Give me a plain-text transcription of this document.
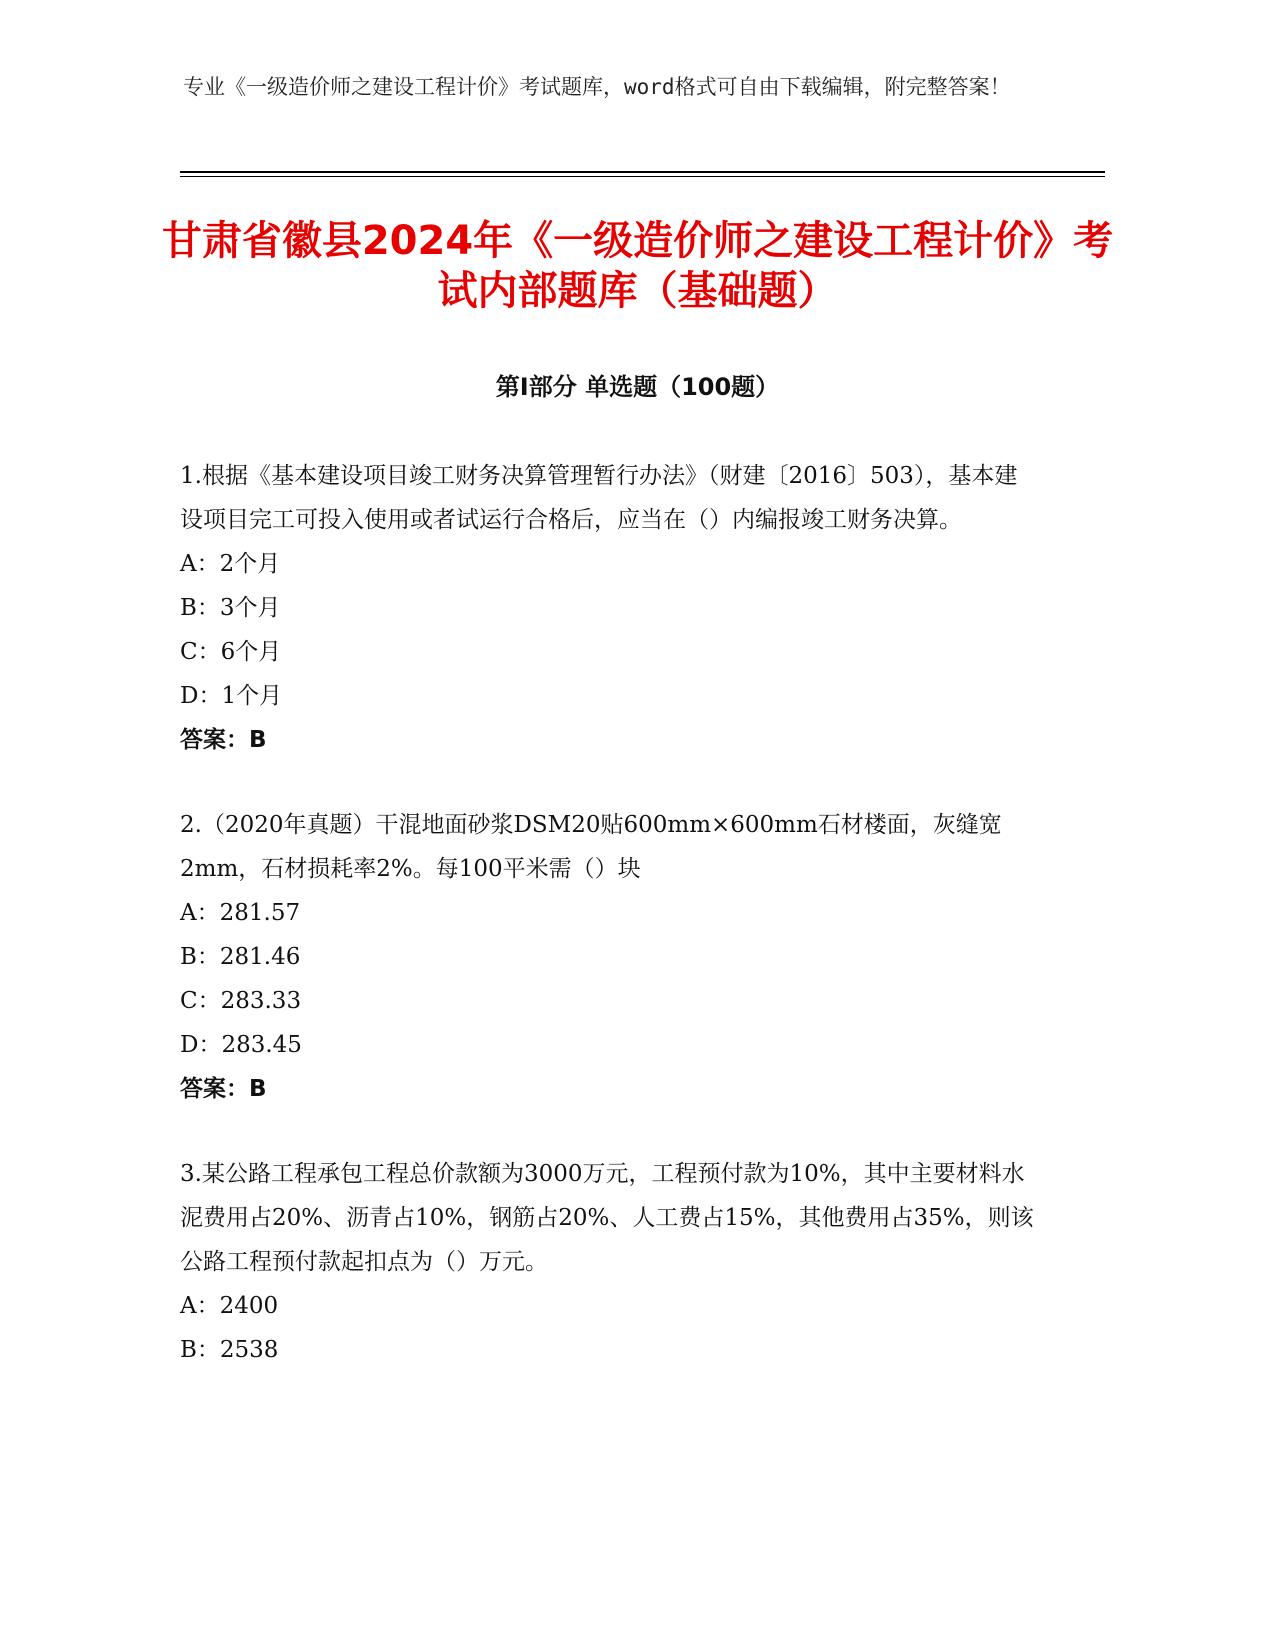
专业《一级造价师之建设工程计价》考试题库，word格式可自由下载编辑，附完整答案！
甘肃省徽县2024年《一级造价师之建设工程计价》考试内部题库（基础题）
第I部分 单选题（100题）

1.根据《基本建设项目竣工财务决算管理暂行办法》（财建〔2016〕503），基本建设项目完工可投入使用或者试运行合格后，应当在（）内编报竣工财务决算。

A：2个月

B：3个月

C：6个月

D：1个月

答案：B

2.（2020年真题）干混地面砂浆DSM20贴600mm×600mm石材楼面，灰缝宽2mm，石材损耗率2%。每100平米需（）块

A：281.57

B：281.46

C：283.33

D：283.45

答案：B

3.某公路工程承包工程总价款额为3000万元，工程预付款为10%，其中主要材料水泥费用占20%、沥青占10%，钢筋占20%、人工费占15%，其他费用占35%，则该公路工程预付款起扣点为（）万元。

A：2400

B：2538
